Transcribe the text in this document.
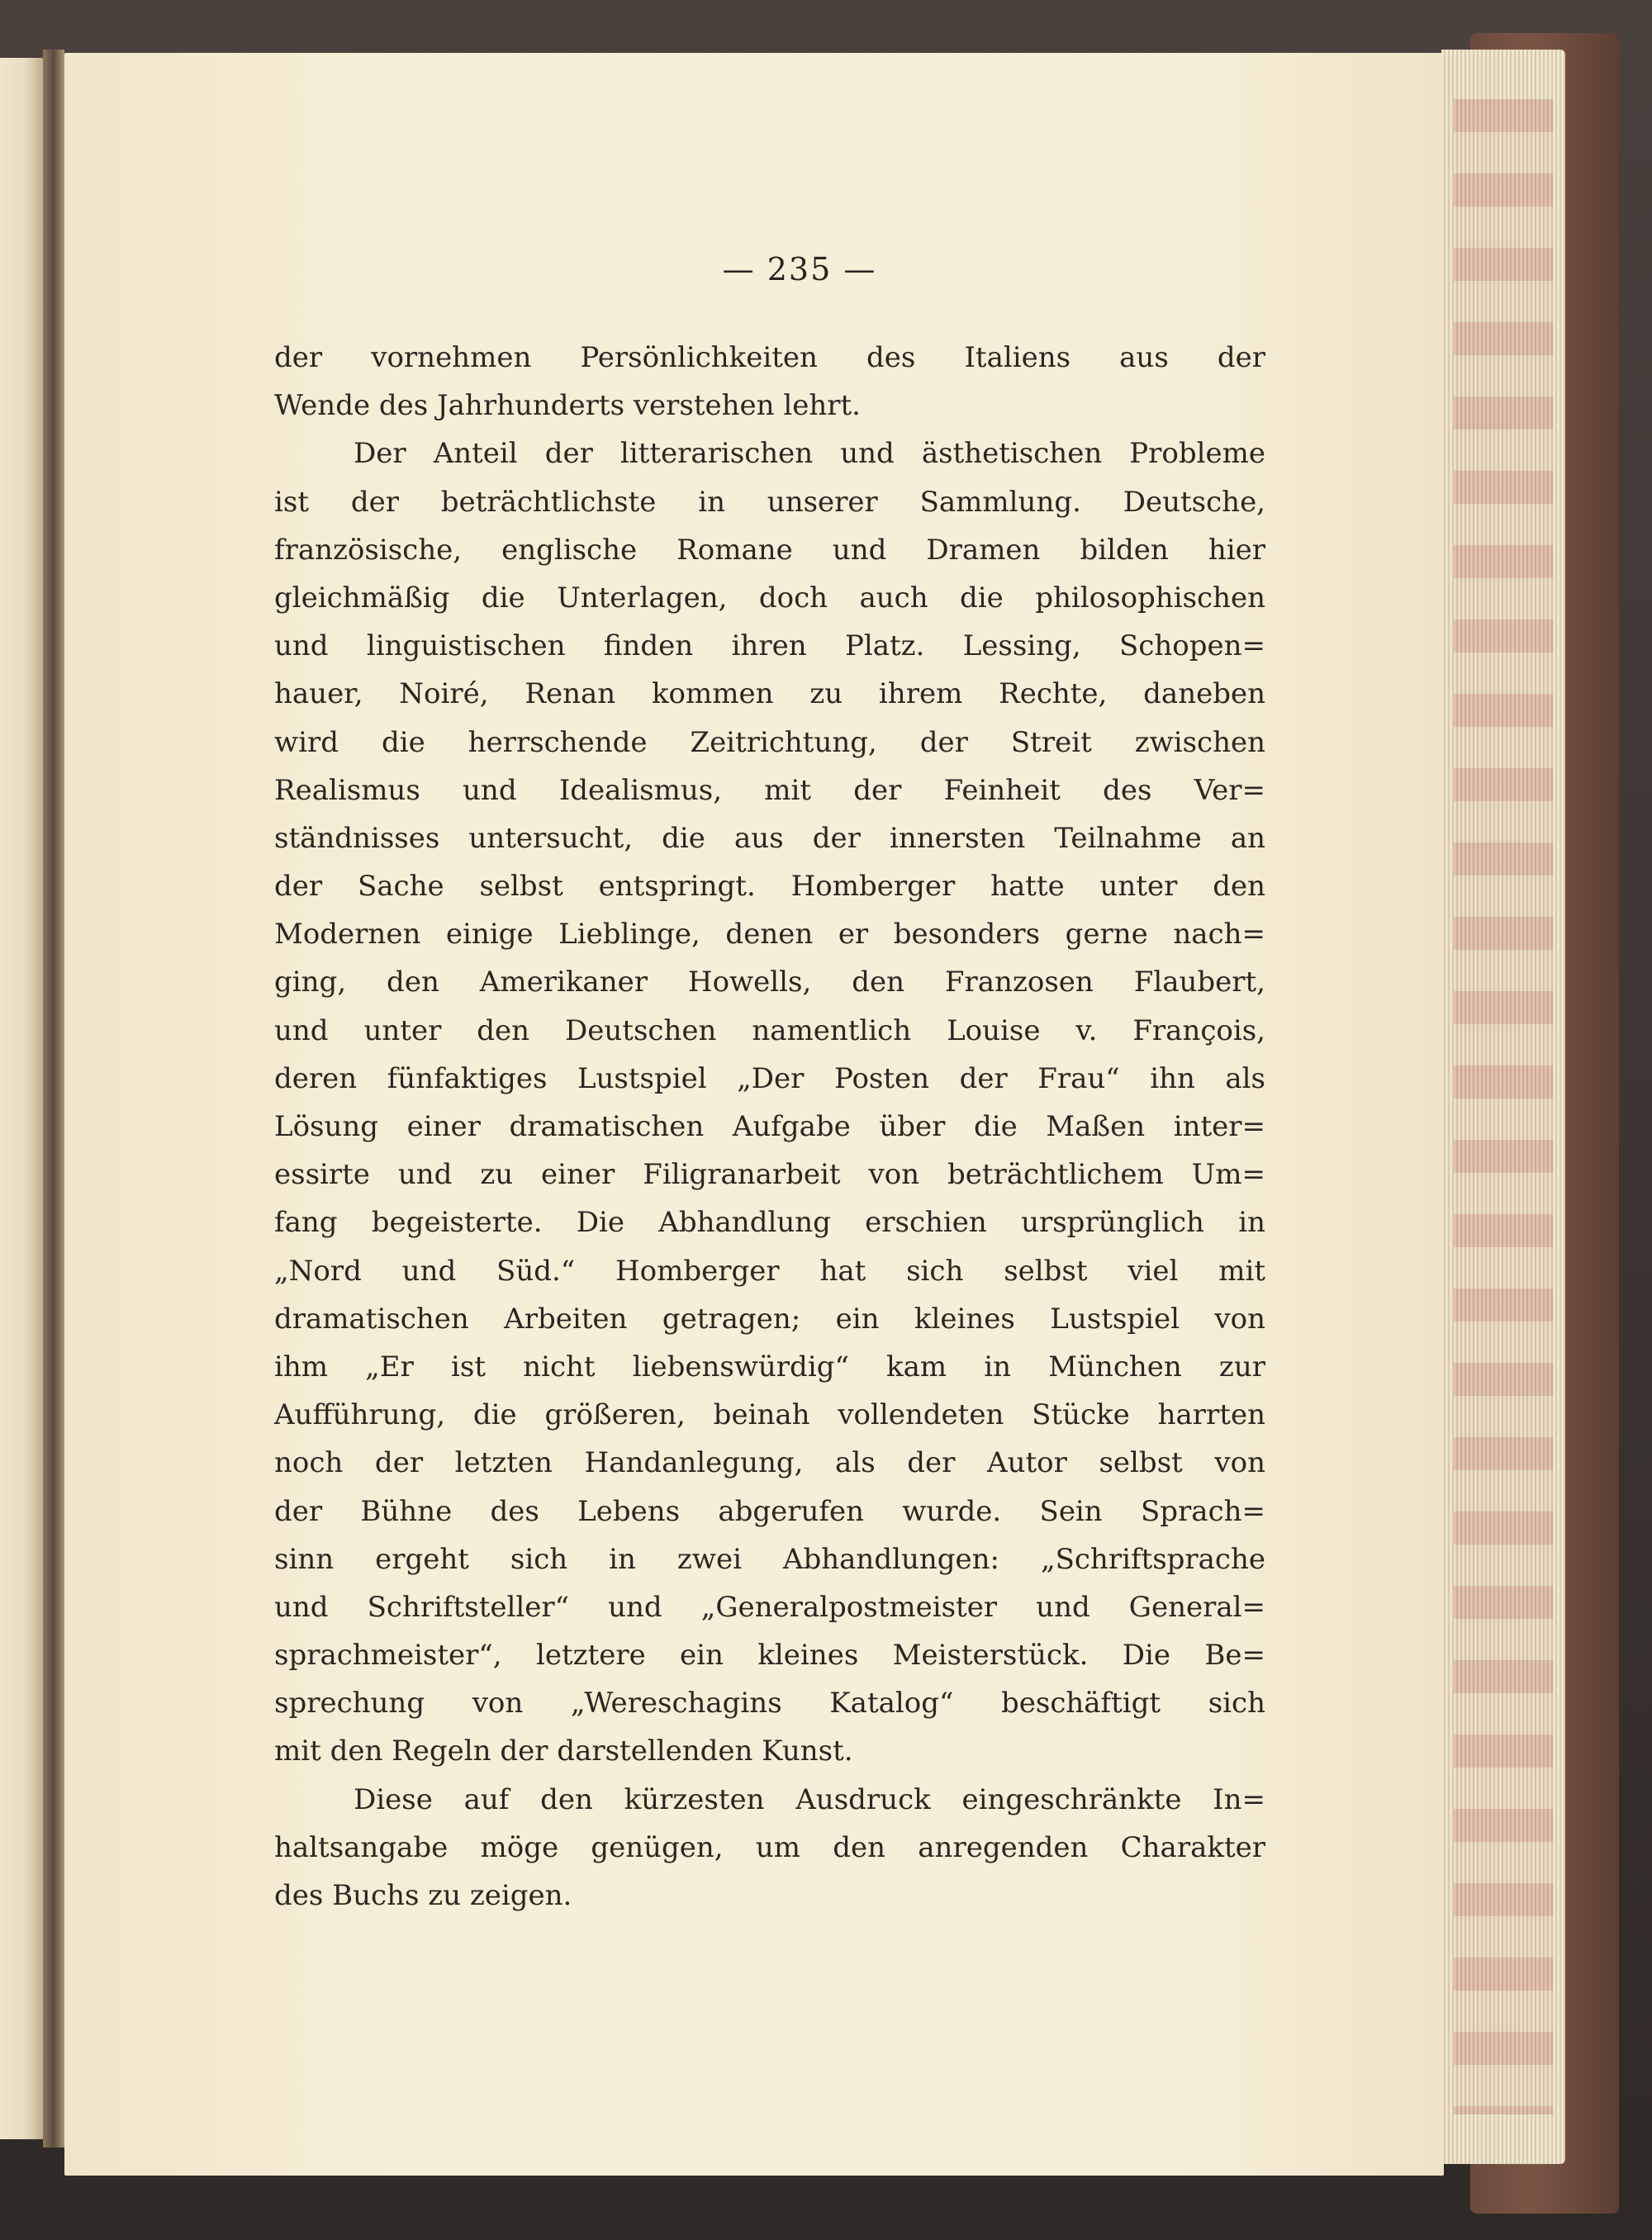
— 235 —
der vornehmen Persönlichkeiten des Italiens aus der
Wende des Jahrhunderts verstehen lehrt.
Der Anteil der litterarischen und ästhetischen Probleme
ist der beträchtlichste in unserer Sammlung. Deutsche,
französische, englische Romane und Dramen bilden hier
gleichmäßig die Unterlagen, doch auch die philosophischen
und linguistischen finden ihren Platz. Lessing, Schopen=
hauer, Noiré, Renan kommen zu ihrem Rechte, daneben
wird die herrschende Zeitrichtung, der Streit zwischen
Realismus und Idealismus, mit der Feinheit des Ver=
ständnisses untersucht, die aus der innersten Teilnahme an
der Sache selbst entspringt. Homberger hatte unter den
Modernen einige Lieblinge, denen er besonders gerne nach=
ging, den Amerikaner Howells, den Franzosen Flaubert,
und unter den Deutschen namentlich Louise v. François,
deren fünfaktiges Lustspiel „Der Posten der Frau“ ihn als
Lösung einer dramatischen Aufgabe über die Maßen inter=
essirte und zu einer Filigranarbeit von beträchtlichem Um=
fang begeisterte. Die Abhandlung erschien ursprünglich in
„Nord und Süd.“ Homberger hat sich selbst viel mit
dramatischen Arbeiten getragen; ein kleines Lustspiel von
ihm „Er ist nicht liebenswürdig“ kam in München zur
Aufführung, die größeren, beinah vollendeten Stücke harrten
noch der letzten Handanlegung, als der Autor selbst von
der Bühne des Lebens abgerufen wurde. Sein Sprach=
sinn ergeht sich in zwei Abhandlungen: „Schriftsprache
und Schriftsteller“ und „Generalpostmeister und General=
sprachmeister“, letztere ein kleines Meisterstück. Die Be=
sprechung von „Wereschagins Katalog“ beschäftigt sich
mit den Regeln der darstellenden Kunst.
Diese auf den kürzesten Ausdruck eingeschränkte In=
haltsangabe möge genügen, um den anregenden Charakter
des Buchs zu zeigen.
